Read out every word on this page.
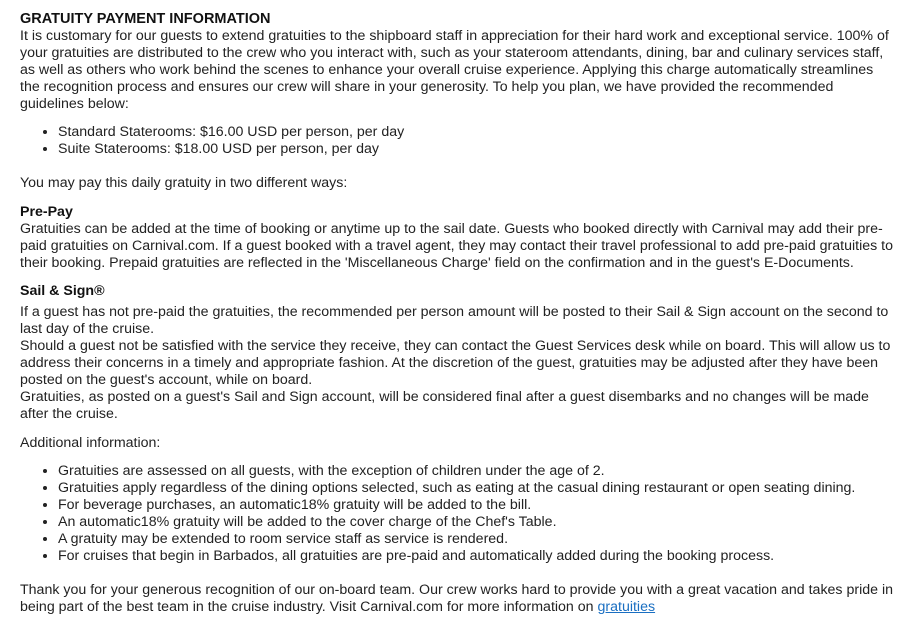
GRATUITY PAYMENT INFORMATION

It is customary for our guests to extend gratuities to the shipboard staff in appreciation for their hard work and exceptional service. 100% of your gratuities are distributed to the crew who you interact with, such as your stateroom attendants, dining, bar and culinary services staff, as well as others who work behind the scenes to enhance your overall cruise experience. Applying this charge automatically streamlines the recognition process and ensures our crew will share in your generosity. To help you plan, we have provided the recommended guidelines below:

• Standard Staterooms: $16.00 USD per person, per day
• Suite Staterooms: $18.00 USD per person, per day

You may pay this daily gratuity in two different ways:

Pre-Pay

Gratuities can be added at the time of booking or anytime up to the sail date. Guests who booked directly with Carnival may add their pre-paid gratuities on Carnival.com. If a guest booked with a travel agent, they may contact their travel professional to add pre-paid gratuities to their booking. Prepaid gratuities are reflected in the 'Miscellaneous Charge' field on the confirmation and in the guest's E-Documents.

Sail & Sign®

If a guest has not pre-paid the gratuities, the recommended per person amount will be posted to their Sail & Sign account on the second to last day of the cruise.

Should a guest not be satisfied with the service they receive, they can contact the Guest Services desk while on board. This will allow us to address their concerns in a timely and appropriate fashion. At the discretion of the guest, gratuities may be adjusted after they have been posted on the guest's account, while on board.

Gratuities, as posted on a guest's Sail and Sign account, will be considered final after a guest disembarks and no changes will be made after the cruise.

Additional information:

• Gratuities are assessed on all guests, with the exception of children under the age of 2.
• Gratuities apply regardless of the dining options selected, such as eating at the casual dining restaurant or open seating dining.
• For beverage purchases, an automatic18% gratuity will be added to the bill.
• An automatic18% gratuity will be added to the cover charge of the Chef's Table.
• A gratuity may be extended to room service staff as service is rendered.
• For cruises that begin in Barbados, all gratuities are pre-paid and automatically added during the booking process.

Thank you for your generous recognition of our on-board team. Our crew works hard to provide you with a great vacation and takes pride in being part of the best team in the cruise industry. Visit Carnival.com for more information on gratuities
